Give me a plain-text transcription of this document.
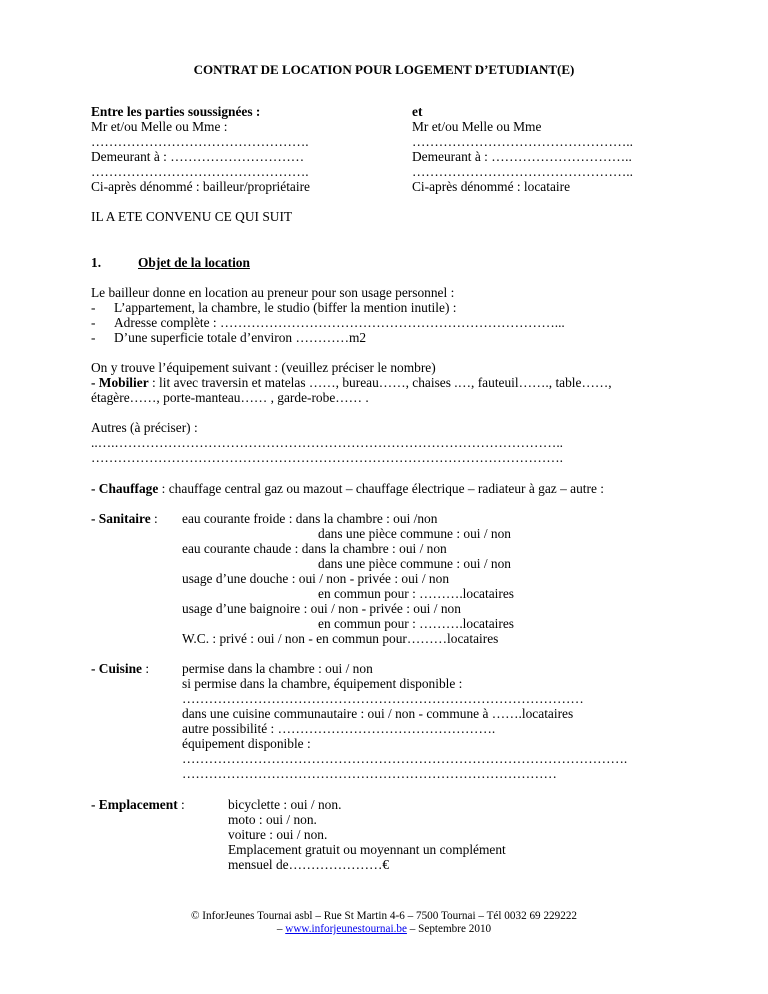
CONTRAT DE LOCATION POUR LOGEMENT D’ETUDIANT(E)
Entre les parties soussignées :
Mr et/ou Melle ou Mme :
………………………………………….
Demeurant à : …………………………
………………………………………….
Ci-après dénommé : bailleur/propriétaire
et
Mr et/ou Melle ou Mme
…………………………………………..
Demeurant à : …………………………..
…………………………………………..
Ci-après dénommé : locataire
IL A ETE CONVENU CE QUI SUIT
1.	Objet de la location
Le bailleur donne en location au preneur pour son usage personnel :
- L’appartement, la chambre, le studio (biffer la mention inutile) :
- Adresse complète : …………………………………………………………………...
- D’une superficie totale d’environ …………m2
On y trouve l’équipement suivant : (veuillez préciser le nombre)
- Mobilier : lit avec traversin et matelas ……, bureau……, chaises .…, fauteuil……., table……,
étagère……, porte-manteau…… , garde-robe…… .
Autres (à préciser) :
..….………………………………………………………………………………………..
…………………………………………………………………………………………….
- Chauffage : chauffage central gaz ou mazout – chauffage électrique – radiateur à gaz – autre :
- Sanitaire : eau courante froide : dans la chambre : oui /non
dans une pièce commune : oui / non
eau courante chaude : dans la chambre : oui / non
dans une pièce commune : oui / non
usage d’une douche : oui / non - privée : oui / non
en commun pour : ……….locataires
usage d’une baignoire : oui / non - privée : oui / non
en commun pour : ……….locataires
W.C. : privé : oui / non - en commun pour………locataires
- Cuisine : permise dans la chambre : oui / non
si permise dans la chambre, équipement disponible :
………………………………………………………………………………
dans une cuisine communautaire : oui / non - commune à …….locataires
autre possibilité : ………………………………………….
équipement disponible :
……………………………………………………………………………………….
…………………………………………………………………………
- Emplacement :	bicyclette : oui / non.
moto : oui / non.
voiture : oui / non.
Emplacement gratuit ou moyennant un complément
mensuel de…………………€
© InforJeunes Tournai asbl – Rue St Martin 4-6 – 7500 Tournai – Tél 0032 69 229222
– www.inforjeunestournai.be – Septembre 2010
